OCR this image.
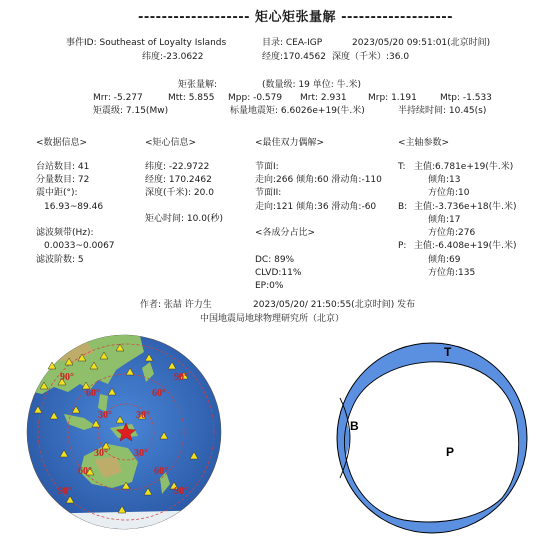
------------------- 矩心矩张量解 -------------------
事件ID: Southeast of Loyalty Islands	目录: CEA-IGP	2023/05/20 09:51:01(北京时间)
纬度:-23.0622	经度:170.4562 深度（千米）:36.0
矩张量解:	(数量级: 19 单位: 牛.米)
Mrr: -5.277	Mtt: 5.855 Mpp: -0.579 Mrt: 2.931 Mrp: 1.191	Mtp: -1.533
矩震级: 7.15(Mw)	标量地震矩: 6.6026e+19(牛.米)	半持续时间: 10.45(s)
<数据信息>
台站数目: 41
分量数目: 72
震中距(°):
16.93~89.46
滤波频带(Hz):
0.0033~0.0067
滤波阶数: 5
<矩心信息>
纬度: -22.9722
经度: 170.2462
深度(千米): 20.0
矩心时间: 10.0(秒)
<最佳双力偶解>
节面I:
走向:266 倾角:60 滑动角:-110
节面II:
走向:121 倾角:36 滑动角:-60
<各成分占比>
DC: 89%
CLVD:11%
EP:0%
<主轴参数>
T: 主值:6.781e+19(牛.米)
倾角:13
方位角:10
B: 主值:-3.736e+18(牛.米)
倾角:17
方位角:276
P: 主值:-6.408e+19(牛.米)
倾角:69
方位角:135
作者: 张喆 许力生	2023/05/20/ 21:50:55(北京时间) 发布
中国地震局地球物理研究所（北京）
90°
60°
30° 30°
60°
90°
30°	30°
60°	60°
90°	90°
T
B
P
